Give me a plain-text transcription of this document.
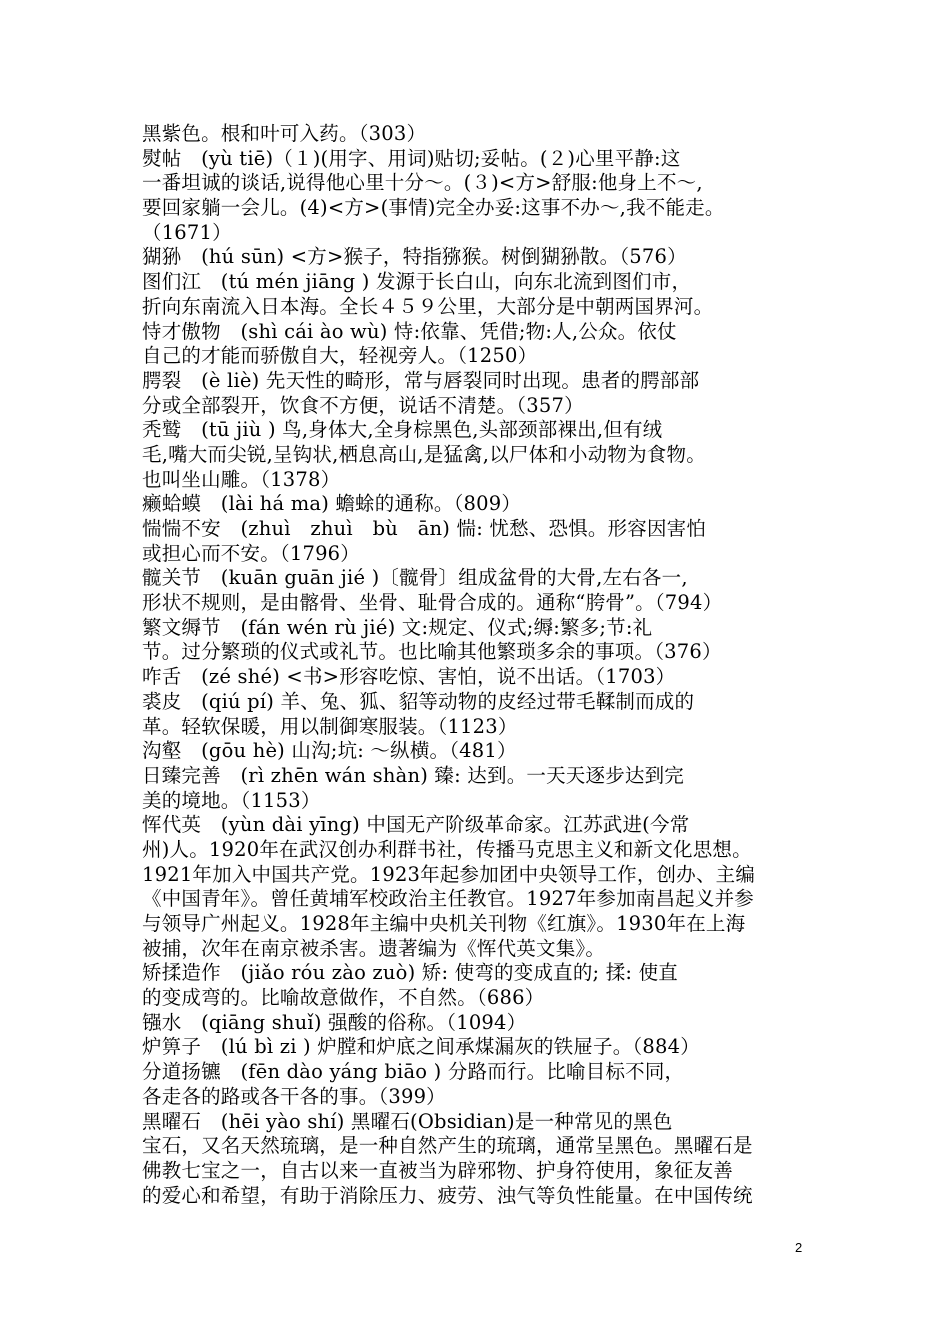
黑紫色。根和叶可入药。（303）
熨帖　(yù tiē)（１)(用字、用词)贴切;妥帖。(２)心里平静:这
一番坦诚的谈话,说得他心里十分～。(３)<方>舒服:他身上不～,
要回家躺一会儿。(4)<方>(事情)完全办妥:这事不办～,我不能走。
（1671）
猢狲　(hú sūn) <方>猴子，特指猕猴。树倒猢狲散。（576）
图们江　(tú mén jiāng ) 发源于长白山，向东北流到图们市，
折向东南流入日本海。全长４５９公里，大部分是中朝两国界河。
恃才傲物　(shì cái ào wù) 恃:依靠、凭借;物:人,公众。依仗
自己的才能而骄傲自大，轻视旁人。（1250）
腭裂　(è liè) 先天性的畸形，常与唇裂同时出现。患者的腭部部
分或全部裂开，饮食不方便，说话不清楚。（357）
秃鹫　(tū jiù ) 鸟,身体大,全身棕黑色,头部颈部裸出,但有绒
毛,嘴大而尖锐,呈钩状,栖息高山,是猛禽,以尸体和小动物为食物。
也叫坐山雕。（1378）
癞蛤蟆　(lài há ma) 蟾蜍的通称。（809）
惴惴不安　(zhuì　zhuì　bù　ān) 惴: 忧愁、恐惧。形容因害怕
或担心而不安。（1796）
髋关节　(kuān guān jié )〔髋骨〕组成盆骨的大骨,左右各一,
形状不规则，是由髂骨、坐骨、耻骨合成的。通称“胯骨”。（794）
繁文缛节　(fán wén rù jié) 文:规定、仪式;缛:繁多;节:礼
节。过分繁琐的仪式或礼节。也比喻其他繁琐多余的事项。（376）
咋舌　(zé shé) <书>形容吃惊、害怕，说不出话。（1703）
裘皮　(qiú pí) 羊、兔、狐、貂等动物的皮经过带毛鞣制而成的
革。轻软保暖，用以制御寒服装。（1123）
沟壑　(gōu hè) 山沟;坑: ～纵横。（481）
日臻完善　(rì zhēn wán shàn) 臻: 达到。一天天逐步达到完
美的境地。（1153）
恽代英　(yùn dài yīng) 中国无产阶级革命家。江苏武进(今常
州)人。1920年在武汉创办利群书社，传播马克思主义和新文化思想。
1921年加入中国共产党。1923年起参加团中央领导工作，创办、主编
《中国青年》。曾任黄埔军校政治主任教官。1927年参加南昌起义并参
与领导广州起义。1928年主编中央机关刊物《红旗》。1930年在上海
被捕，次年在南京被杀害。遗著编为《恽代英文集》。
矫揉造作　(jiǎo róu zào zuò) 矫: 使弯的变成直的; 揉: 使直
的变成弯的。比喻故意做作，不自然。（686）
镪水　(qiāng shuǐ) 强酸的俗称。（1094）
炉箅子　(lú bì zi ) 炉膛和炉底之间承煤漏灰的铁屉子。（884）
分道扬镳　(fēn dào yáng biāo ) 分路而行。比喻目标不同，
各走各的路或各干各的事。（399）
黑曜石　(hēi yào shí) 黑曜石(Obsidian)是一种常见的黑色
宝石，又名天然琉璃，是一种自然产生的琉璃，通常呈黑色。黑曜石是
佛教七宝之一，自古以来一直被当为辟邪物、护身符使用，象征友善
的爱心和希望，有助于消除压力、疲劳、浊气等负性能量。在中国传统
2
